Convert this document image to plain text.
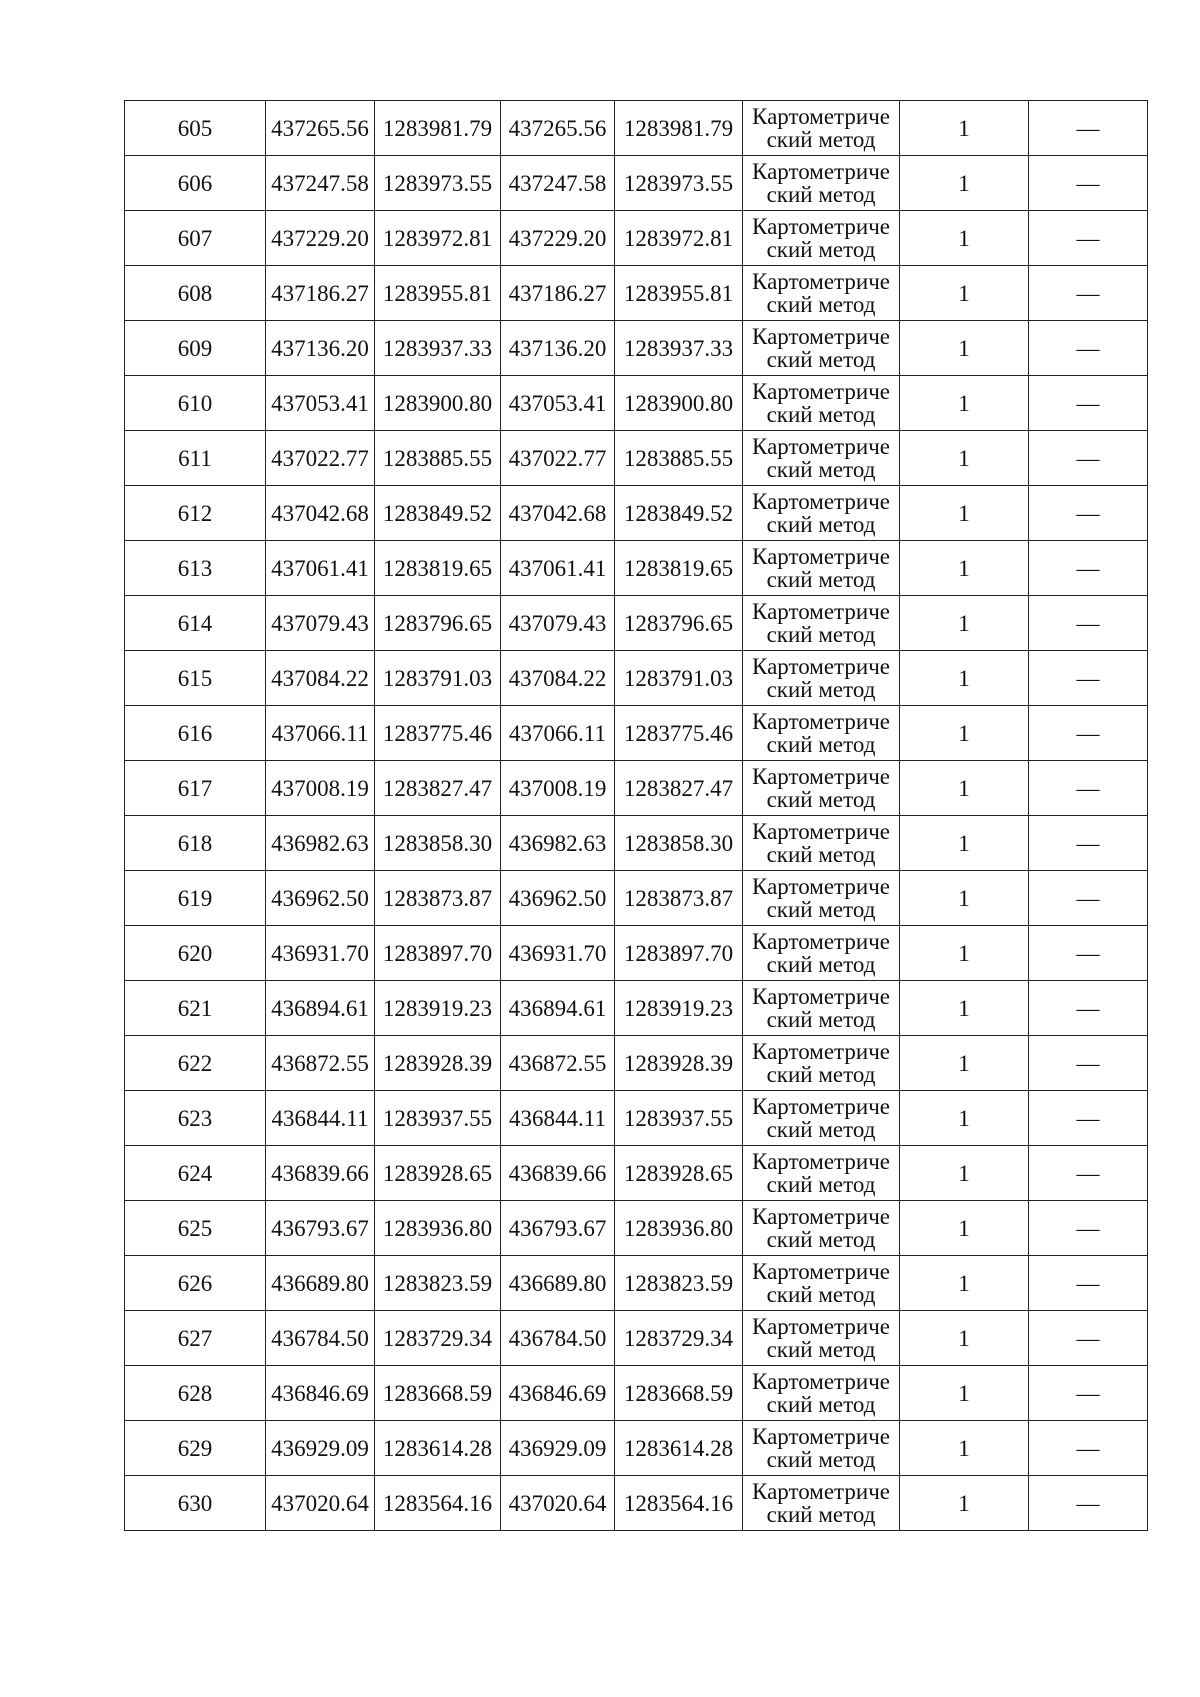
605	437265.56	1283981.79	437265.56	1283981.79	Картометриче
ский метод	1	—
606	437247.58	1283973.55	437247.58	1283973.55	Картометриче
ский метод	1	—
607	437229.20	1283972.81	437229.20	1283972.81	Картометриче
ский метод	1	—
608	437186.27	1283955.81	437186.27	1283955.81	Картометриче
ский метод	1	—
609	437136.20	1283937.33	437136.20	1283937.33	Картометриче
ский метод	1	—
610	437053.41	1283900.80	437053.41	1283900.80	Картометриче
ский метод	1	—
611	437022.77	1283885.55	437022.77	1283885.55	Картометриче
ский метод	1	—
612	437042.68	1283849.52	437042.68	1283849.52	Картометриче
ский метод	1	—
613	437061.41	1283819.65	437061.41	1283819.65	Картометриче
ский метод	1	—
614	437079.43	1283796.65	437079.43	1283796.65	Картометриче
ский метод	1	—
615	437084.22	1283791.03	437084.22	1283791.03	Картометриче
ский метод	1	—
616	437066.11	1283775.46	437066.11	1283775.46	Картометриче
ский метод	1	—
617	437008.19	1283827.47	437008.19	1283827.47	Картометриче
ский метод	1	—
618	436982.63	1283858.30	436982.63	1283858.30	Картометриче
ский метод	1	—
619	436962.50	1283873.87	436962.50	1283873.87	Картометриче
ский метод	1	—
620	436931.70	1283897.70	436931.70	1283897.70	Картометриче
ский метод	1	—
621	436894.61	1283919.23	436894.61	1283919.23	Картометриче
ский метод	1	—
622	436872.55	1283928.39	436872.55	1283928.39	Картометриче
ский метод	1	—
623	436844.11	1283937.55	436844.11	1283937.55	Картометриче
ский метод	1	—
624	436839.66	1283928.65	436839.66	1283928.65	Картометриче
ский метод	1	—
625	436793.67	1283936.80	436793.67	1283936.80	Картометриче
ский метод	1	—
626	436689.80	1283823.59	436689.80	1283823.59	Картометриче
ский метод	1	—
627	436784.50	1283729.34	436784.50	1283729.34	Картометриче
ский метод	1	—
628	436846.69	1283668.59	436846.69	1283668.59	Картометриче
ский метод	1	—
629	436929.09	1283614.28	436929.09	1283614.28	Картометриче
ский метод	1	—
630	437020.64	1283564.16	437020.64	1283564.16	Картометриче
ский метод	1	—
